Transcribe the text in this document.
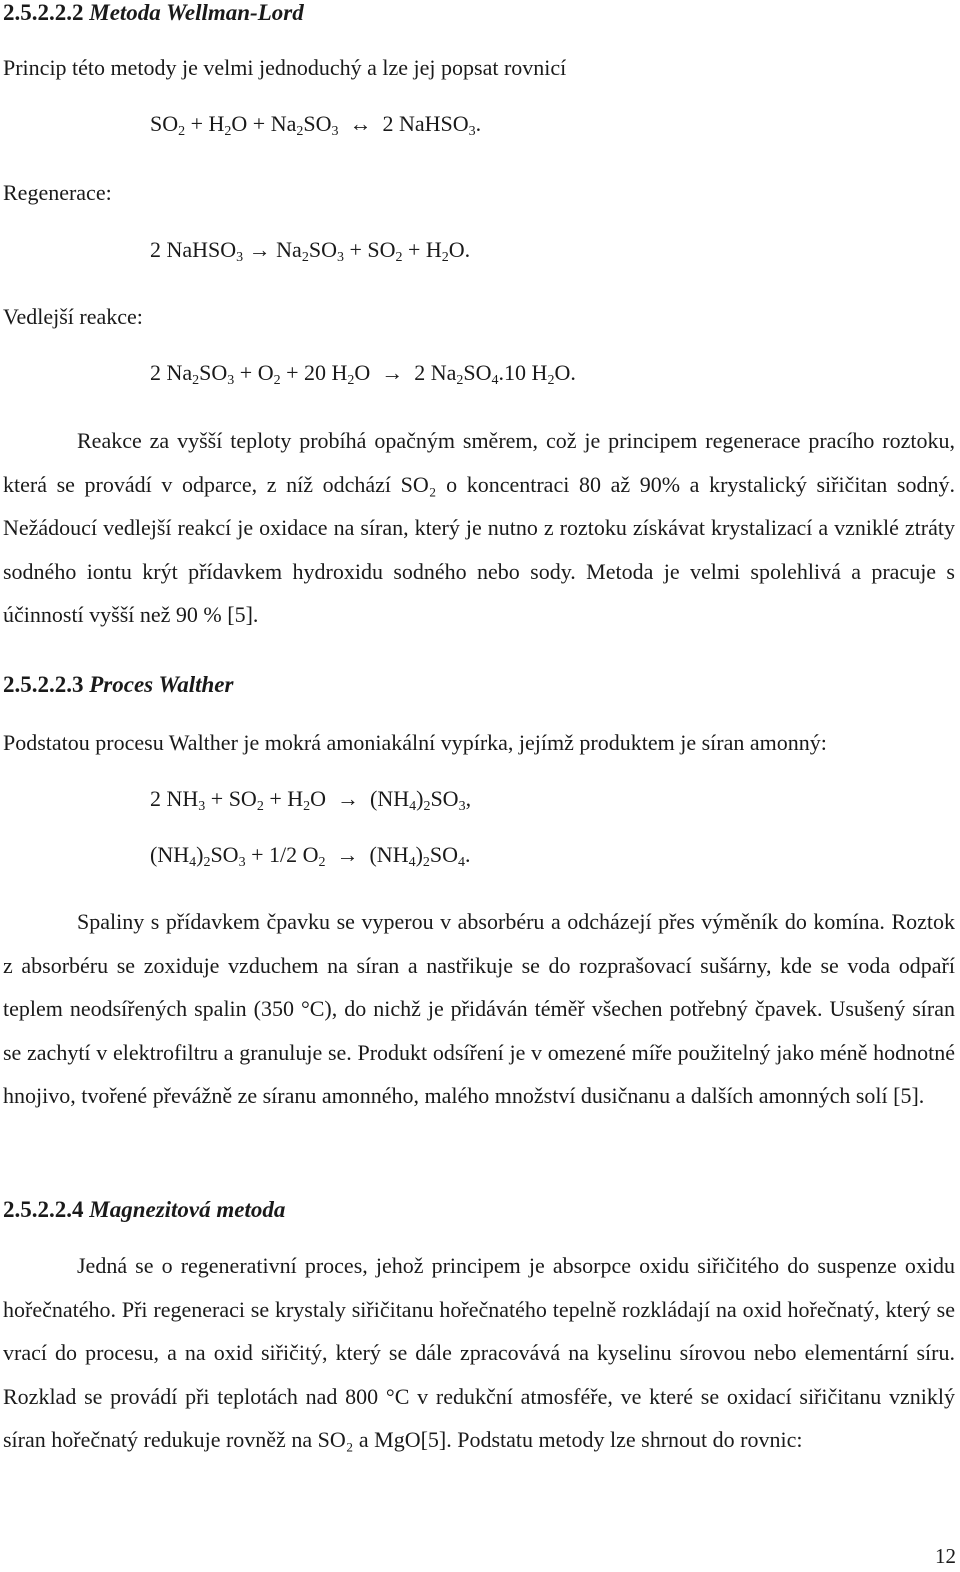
2.5.2.2.2 Metoda Wellman-Lord
Princip této metody je velmi jednoduchý a lze jej popsat rovnicí
$SO_2 + H_2O + Na_2SO_3$  ↔  2 NaHSO$_3$.
Regenerace:
2 NaHSO$_3$ → $Na_2SO_3 + SO_2 + H_2O$.
Vedlejší reakce:
2 $Na_2SO_3 + O_2 + 20$ $H_2O \to 2$ $Na_2SO_4.10$ $H_2O$.

Reakce za vyšší teploty probíhá opačným směrem, což je principem regenerace pracího roztoku, která se provádí v odparce, z níž odchází SO₂ o koncentraci 80 až 90% a krystalický siřičitan sodný. Nežádoucí vedlejší reakcí je oxidace na síran, který je nutno z roztoku získávat krystalizací a vzniklé ztráty sodného iontu krýt přídavkem hydroxidu sodného nebo sody. Metoda je velmi spolehlivá a pracuje s účinností vyšší než 90 % [5].

2.5.2.2.3 Proces Walther
Podstatou procesu Walther je mokrá amoniakální vypírka, jejímž produktem je síran amonný:
2 $NH_3 + SO_2 + H_2O \to (NH_4)_2SO_3$,
$(NH_4)_2SO_3 + 1/2$ $O_2 \to (NH_4)_2SO_4$.

Spaliny s přídavkem čpavku se vyperou v absorbéru a odcházejí přes výměník do komína. Roztok z absorbéru se zoxiduje vzduchem na síran a nastřikuje se do rozprašovací sušárny, kde se voda odpaří teplem neodsířených spalin (350 °C), do nichž je přidáván téměř všechen potřebný čpavek. Usušený síran se zachytí v elektrofiltru a granuluje se. Produkt odsíření je v omezené míře použitelný jako méně hodnotné hnojivo, tvořené převážně ze síranu amonného, malého množství dusičnanu a dalších amonných solí [5].

2.5.2.2.4 Magnezitová metoda

Jedná se o regenerativní proces, jehož principem je absorpce oxidu siřičitého do suspenze oxidu hořečnatého. Při regeneraci se krystaly siřičitanu hořečnatého tepelně rozkládají na oxid hořečnatý, který se vrací do procesu, a na oxid siřičitý, který se dále zpracovává na kyselinu sírovou nebo elementární síru. Rozklad se provádí při teplotách nad 800 °C v redukční atmosféře, ve které se oxidací siřičitanu vzniklý síran hořečnatý redukuje rovněž na SO₂ a MgO[5]. Podstatu metody lze shrnout do rovnic:

12
